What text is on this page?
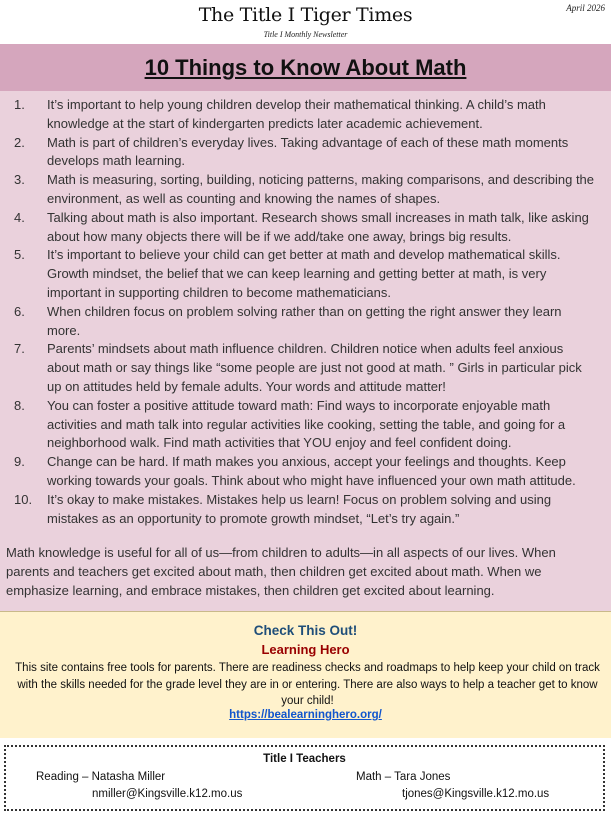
The Title I Tiger Times
Title I Monthly Newsletter
April 2026
10 Things to Know About Math
1.	It’s important to help young children develop their mathematical thinking. A child’s math knowledge at the start of kindergarten predicts later academic achievement.
2.	Math is part of children’s everyday lives. Taking advantage of each of these math moments develops math learning.
3.	Math is measuring, sorting, building, noticing patterns, making comparisons, and describing the environment, as well as counting and knowing the names of shapes.
4.	Talking about math is also important. Research shows small increases in math talk, like asking about how many objects there will be if we add/take one away, brings big results.
5.	It’s important to believe your child can get better at math and develop mathematical skills. Growth mindset, the belief that we can keep learning and getting better at math, is very important in supporting children to become mathematicians.
6.	When children focus on problem solving rather than on getting the right answer they learn more.
7.	Parents’ mindsets about math influence children. Children notice when adults feel anxious about math or say things like “some people are just not good at math. ” Girls in particular pick up on attitudes held by female adults. Your words and attitude matter!
8.	You can foster a positive attitude toward math: Find ways to incorporate enjoyable math activities and math talk into regular activities like cooking, setting the table, and going for a neighborhood walk. Find math activities that YOU enjoy and feel confident doing.
9.	Change can be hard. If math makes you anxious, accept your feelings and thoughts. Keep working towards your goals. Think about who might have influenced your own math attitude.
10.	It’s okay to make mistakes. Mistakes help us learn! Focus on problem solving and using mistakes as an opportunity to promote growth mindset, “Let’s try again.”
Math knowledge is useful for all of us—from children to adults—in all aspects of our lives. When parents and teachers get excited about math, then children get excited about math. When we emphasize learning, and embrace mistakes, then children get excited about learning.
Check This Out!
Learning Hero
This site contains free tools for parents. There are readiness checks and roadmaps to help keep your child on track with the skills needed for the grade level they are in or entering. There are also ways to help a teacher get to know your child!
https://bealearninghero.org/
Title I Teachers
Reading – Natasha Miller
nmiller@Kingsville.k12.mo.us
Math – Tara Jones
tjones@Kingsville.k12.mo.us
